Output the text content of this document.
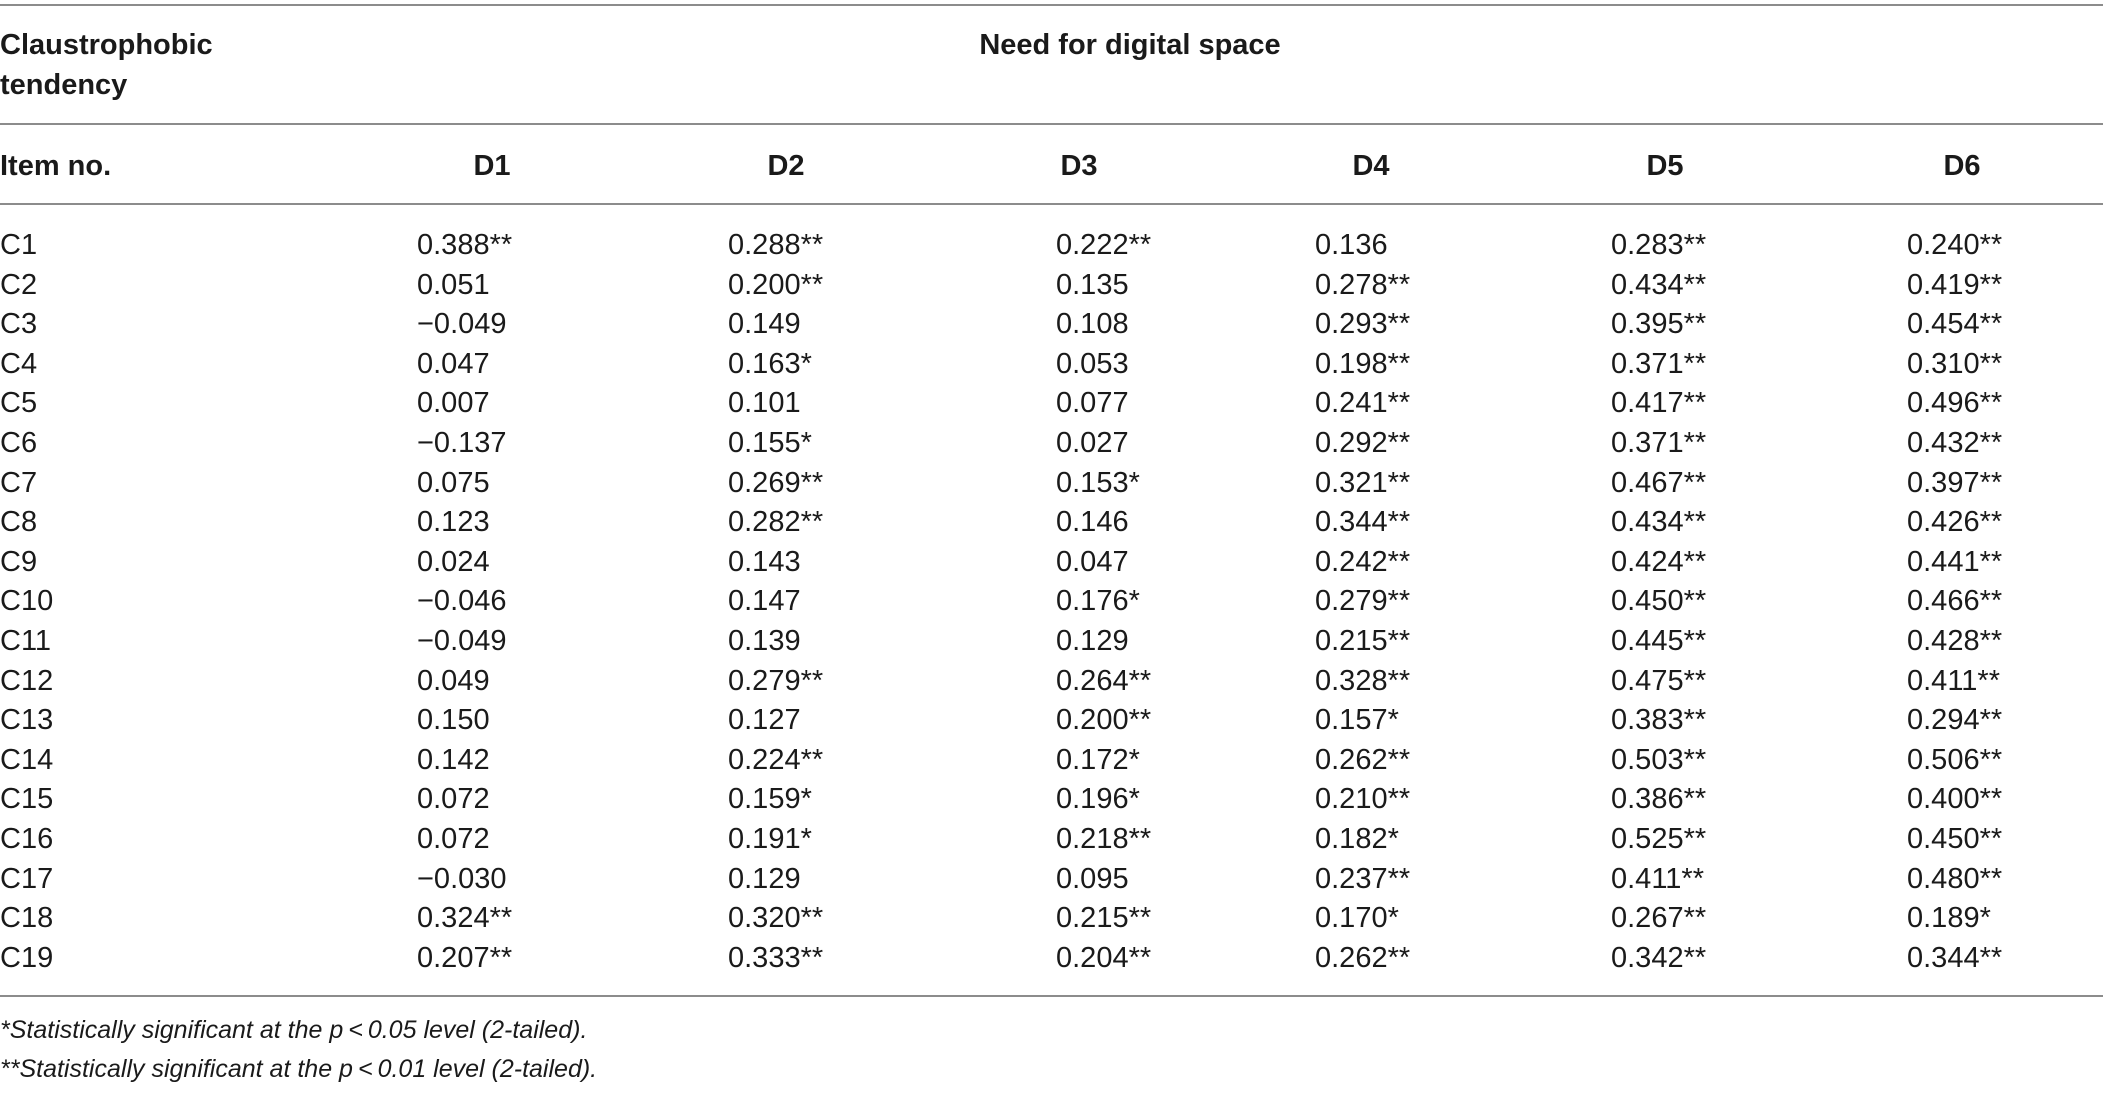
Claustrophobic
tendency
Need for digital space
Item no.	D1	D2	D3	D4	D5	D6
C1	0.388**	0.288**	0.222**	0.136	0.283**	0.240**
C2	0.051	0.200**	0.135	0.278**	0.434**	0.419**
C3	−0.049	0.149	0.108	0.293**	0.395**	0.454**
C4	0.047	0.163*	0.053	0.198**	0.371**	0.310**
C5	0.007	0.101	0.077	0.241**	0.417**	0.496**
C6	−0.137	0.155*	0.027	0.292**	0.371**	0.432**
C7	0.075	0.269**	0.153*	0.321**	0.467**	0.397**
C8	0.123	0.282**	0.146	0.344**	0.434**	0.426**
C9	0.024	0.143	0.047	0.242**	0.424**	0.441**
C10	−0.046	0.147	0.176*	0.279**	0.450**	0.466**
C11	−0.049	0.139	0.129	0.215**	0.445**	0.428**
C12	0.049	0.279**	0.264**	0.328**	0.475**	0.411**
C13	0.150	0.127	0.200**	0.157*	0.383**	0.294**
C14	0.142	0.224**	0.172*	0.262**	0.503**	0.506**
C15	0.072	0.159*	0.196*	0.210**	0.386**	0.400**
C16	0.072	0.191*	0.218**	0.182*	0.525**	0.450**
C17	−0.030	0.129	0.095	0.237**	0.411**	0.480**
C18	0.324**	0.320**	0.215**	0.170*	0.267**	0.189*
C19	0.207**	0.333**	0.204**	0.262**	0.342**	0.344**
*Statistically significant at the p < 0.05 level (2-tailed).
**Statistically significant at the p < 0.01 level (2-tailed).
